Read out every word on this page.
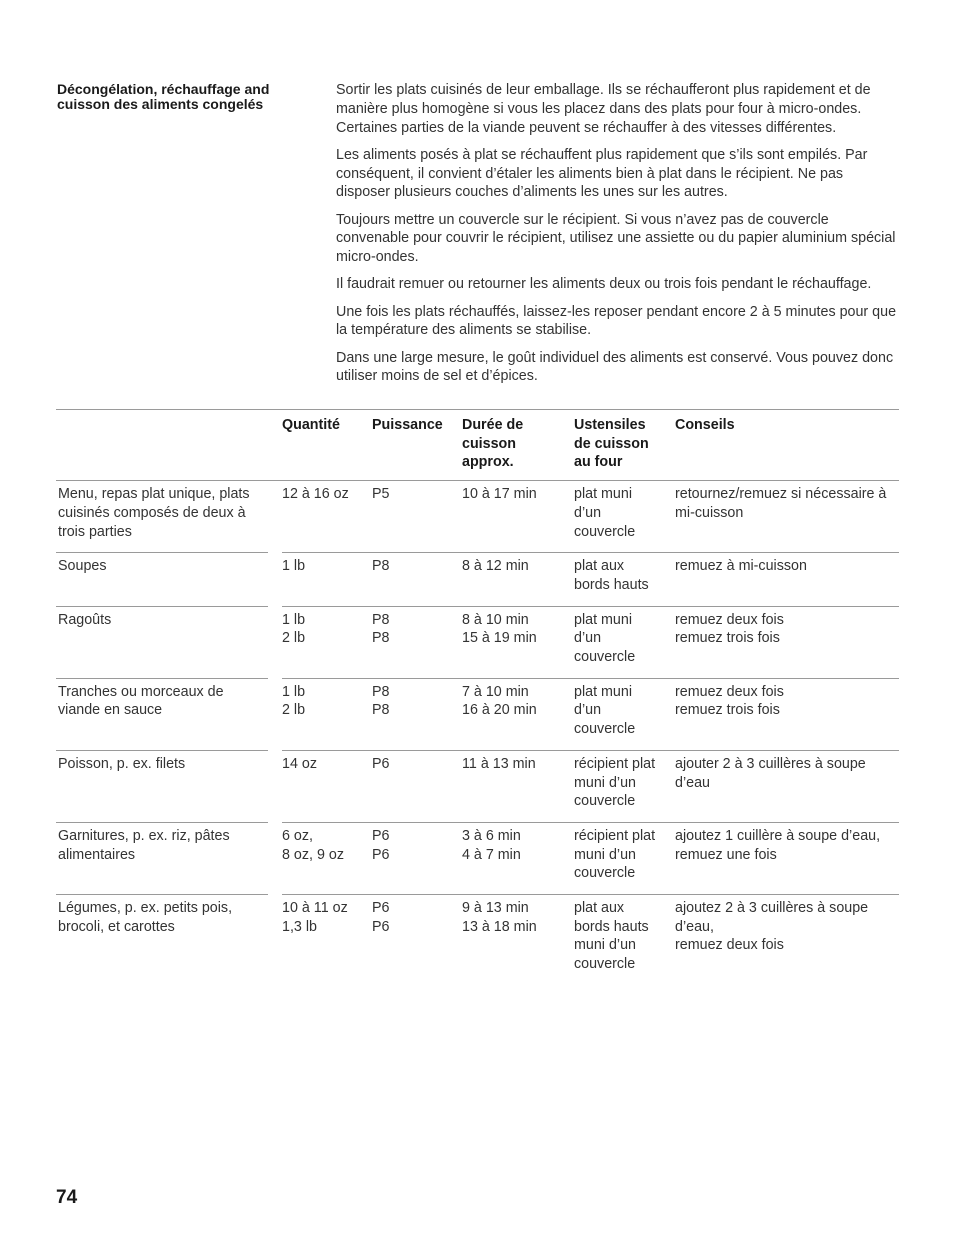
Décongélation, réchauffage and
cuisson des aliments congelés

Sortir les plats cuisinés de leur emballage. Ils se réchaufferont plus rapidement et de manière plus homogène si vous les placez dans des plats pour four à micro-ondes. Certaines parties de la viande peuvent se réchauffer à des vitesses différentes.

Les aliments posés à plat se réchauffent plus rapidement que s’ils sont empilés. Par conséquent, il convient d’étaler les aliments bien à plat dans le récipient. Ne pas disposer plusieurs couches d’aliments les unes sur les autres.

Toujours mettre un couvercle sur le récipient. Si vous n’avez pas de couvercle convenable pour couvrir le récipient, utilisez une assiette ou du papier aluminium spécial micro-ondes.

Il faudrait remuer ou retourner les aliments deux ou trois fois pendant le réchauffage.

Une fois les plats réchauffés, laissez-les reposer pendant encore 2 à 5 minutes pour que la température des aliments se stabilise.

Dans une large mesure, le goût individuel des aliments est conservé. Vous pouvez donc utiliser moins de sel et d’épices.

		Quantité	Puissance	Durée de
cuisson
approx.	Ustensiles
de cuisson
au four	Conseils
Menu, repas plat unique, plats cuisinés composés de deux à trois parties		12 à 16 oz	P5	10 à 17 min	plat muni
d’un
couvercle	retournez/remuez si nécessaire à mi-cuisson
Soupes		1 lb	P8	8 à 12 min	plat aux
bords hauts	remuez à mi-cuisson
Ragoûts		1 lb
2 lb	P8
P8	8 à 10 min
15 à 19 min	plat muni
d’un
couvercle	remuez deux fois
remuez trois fois
Tranches ou morceaux de viande en sauce		1 lb
2 lb	P8
P8	7 à 10 min
16 à 20 min	plat muni
d’un
couvercle	remuez deux fois
remuez trois fois
Poisson, p. ex. filets		14 oz	P6	11 à 13 min	récipient plat
muni d’un
couvercle	ajouter 2 à 3 cuillères à soupe d’eau
Garnitures, p. ex. riz, pâtes alimentaires		6 oz,
8 oz, 9 oz	P6
P6	3 à 6 min
4 à 7 min	récipient plat
muni d’un
couvercle	ajoutez 1 cuillère à soupe d’eau,
remuez une fois
Légumes, p. ex. petits pois, brocoli, et carottes		10 à 11 oz
1,3 lb	P6
P6	9 à 13 min
13 à 18 min	plat aux
bords hauts
muni d’un
couvercle	ajoutez 2 à 3 cuillères à soupe
d’eau,
remuez deux fois
74
